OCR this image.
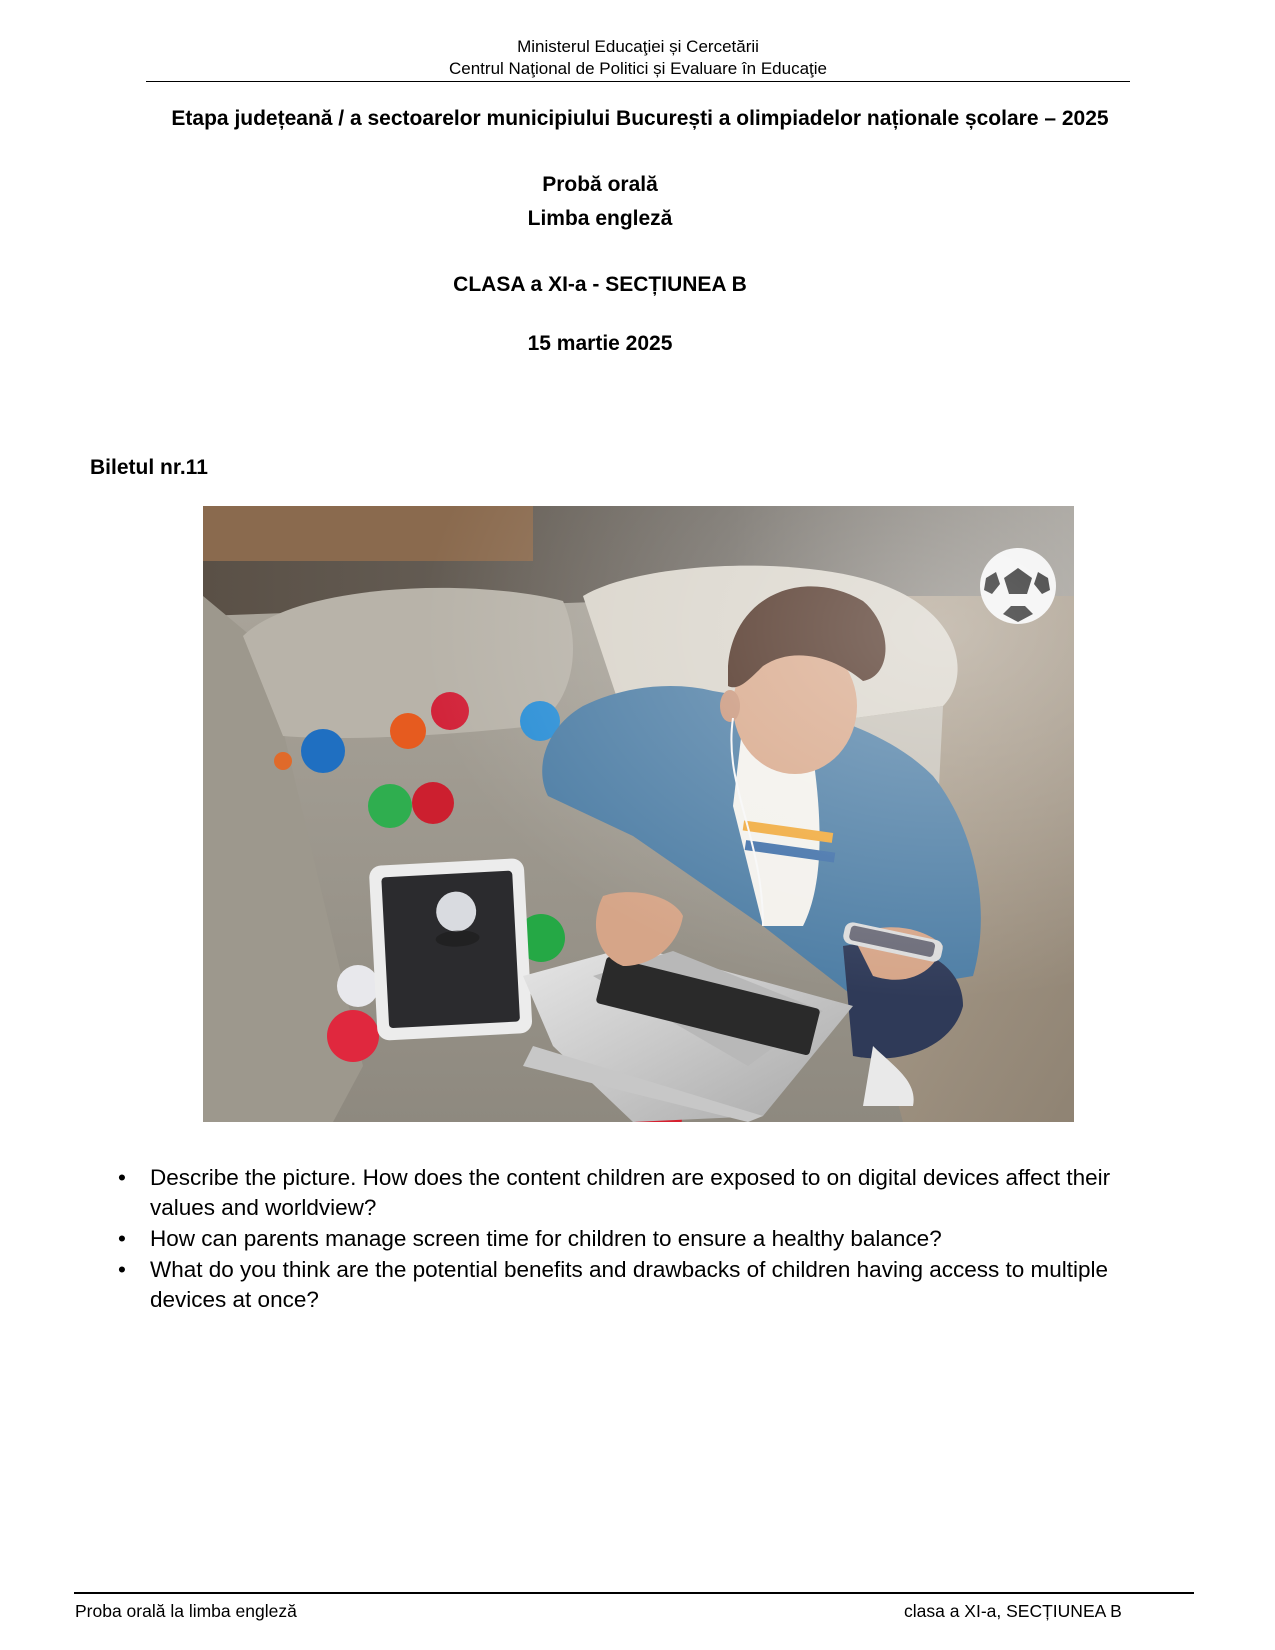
Ministerul Educaţiei și Cercetării
Centrul Naţional de Politici și Evaluare în Educaţie
Etapa județeană / a sectoarelor municipiului București a olimpiadelor naționale școlare – 2025
Probă orală
Limba engleză
CLASA a XI-a - SECȚIUNEA B
15 martie 2025
Biletul nr.11
• Describe the picture. How does the content children are exposed to on digital devices affect their values and worldview?
• How can parents manage screen time for children to ensure a healthy balance?
• What do you think are the potential benefits and drawbacks of children having access to multiple devices at once?
Proba orală la limba engleză	clasa a XI-a, SECȚIUNEA B
